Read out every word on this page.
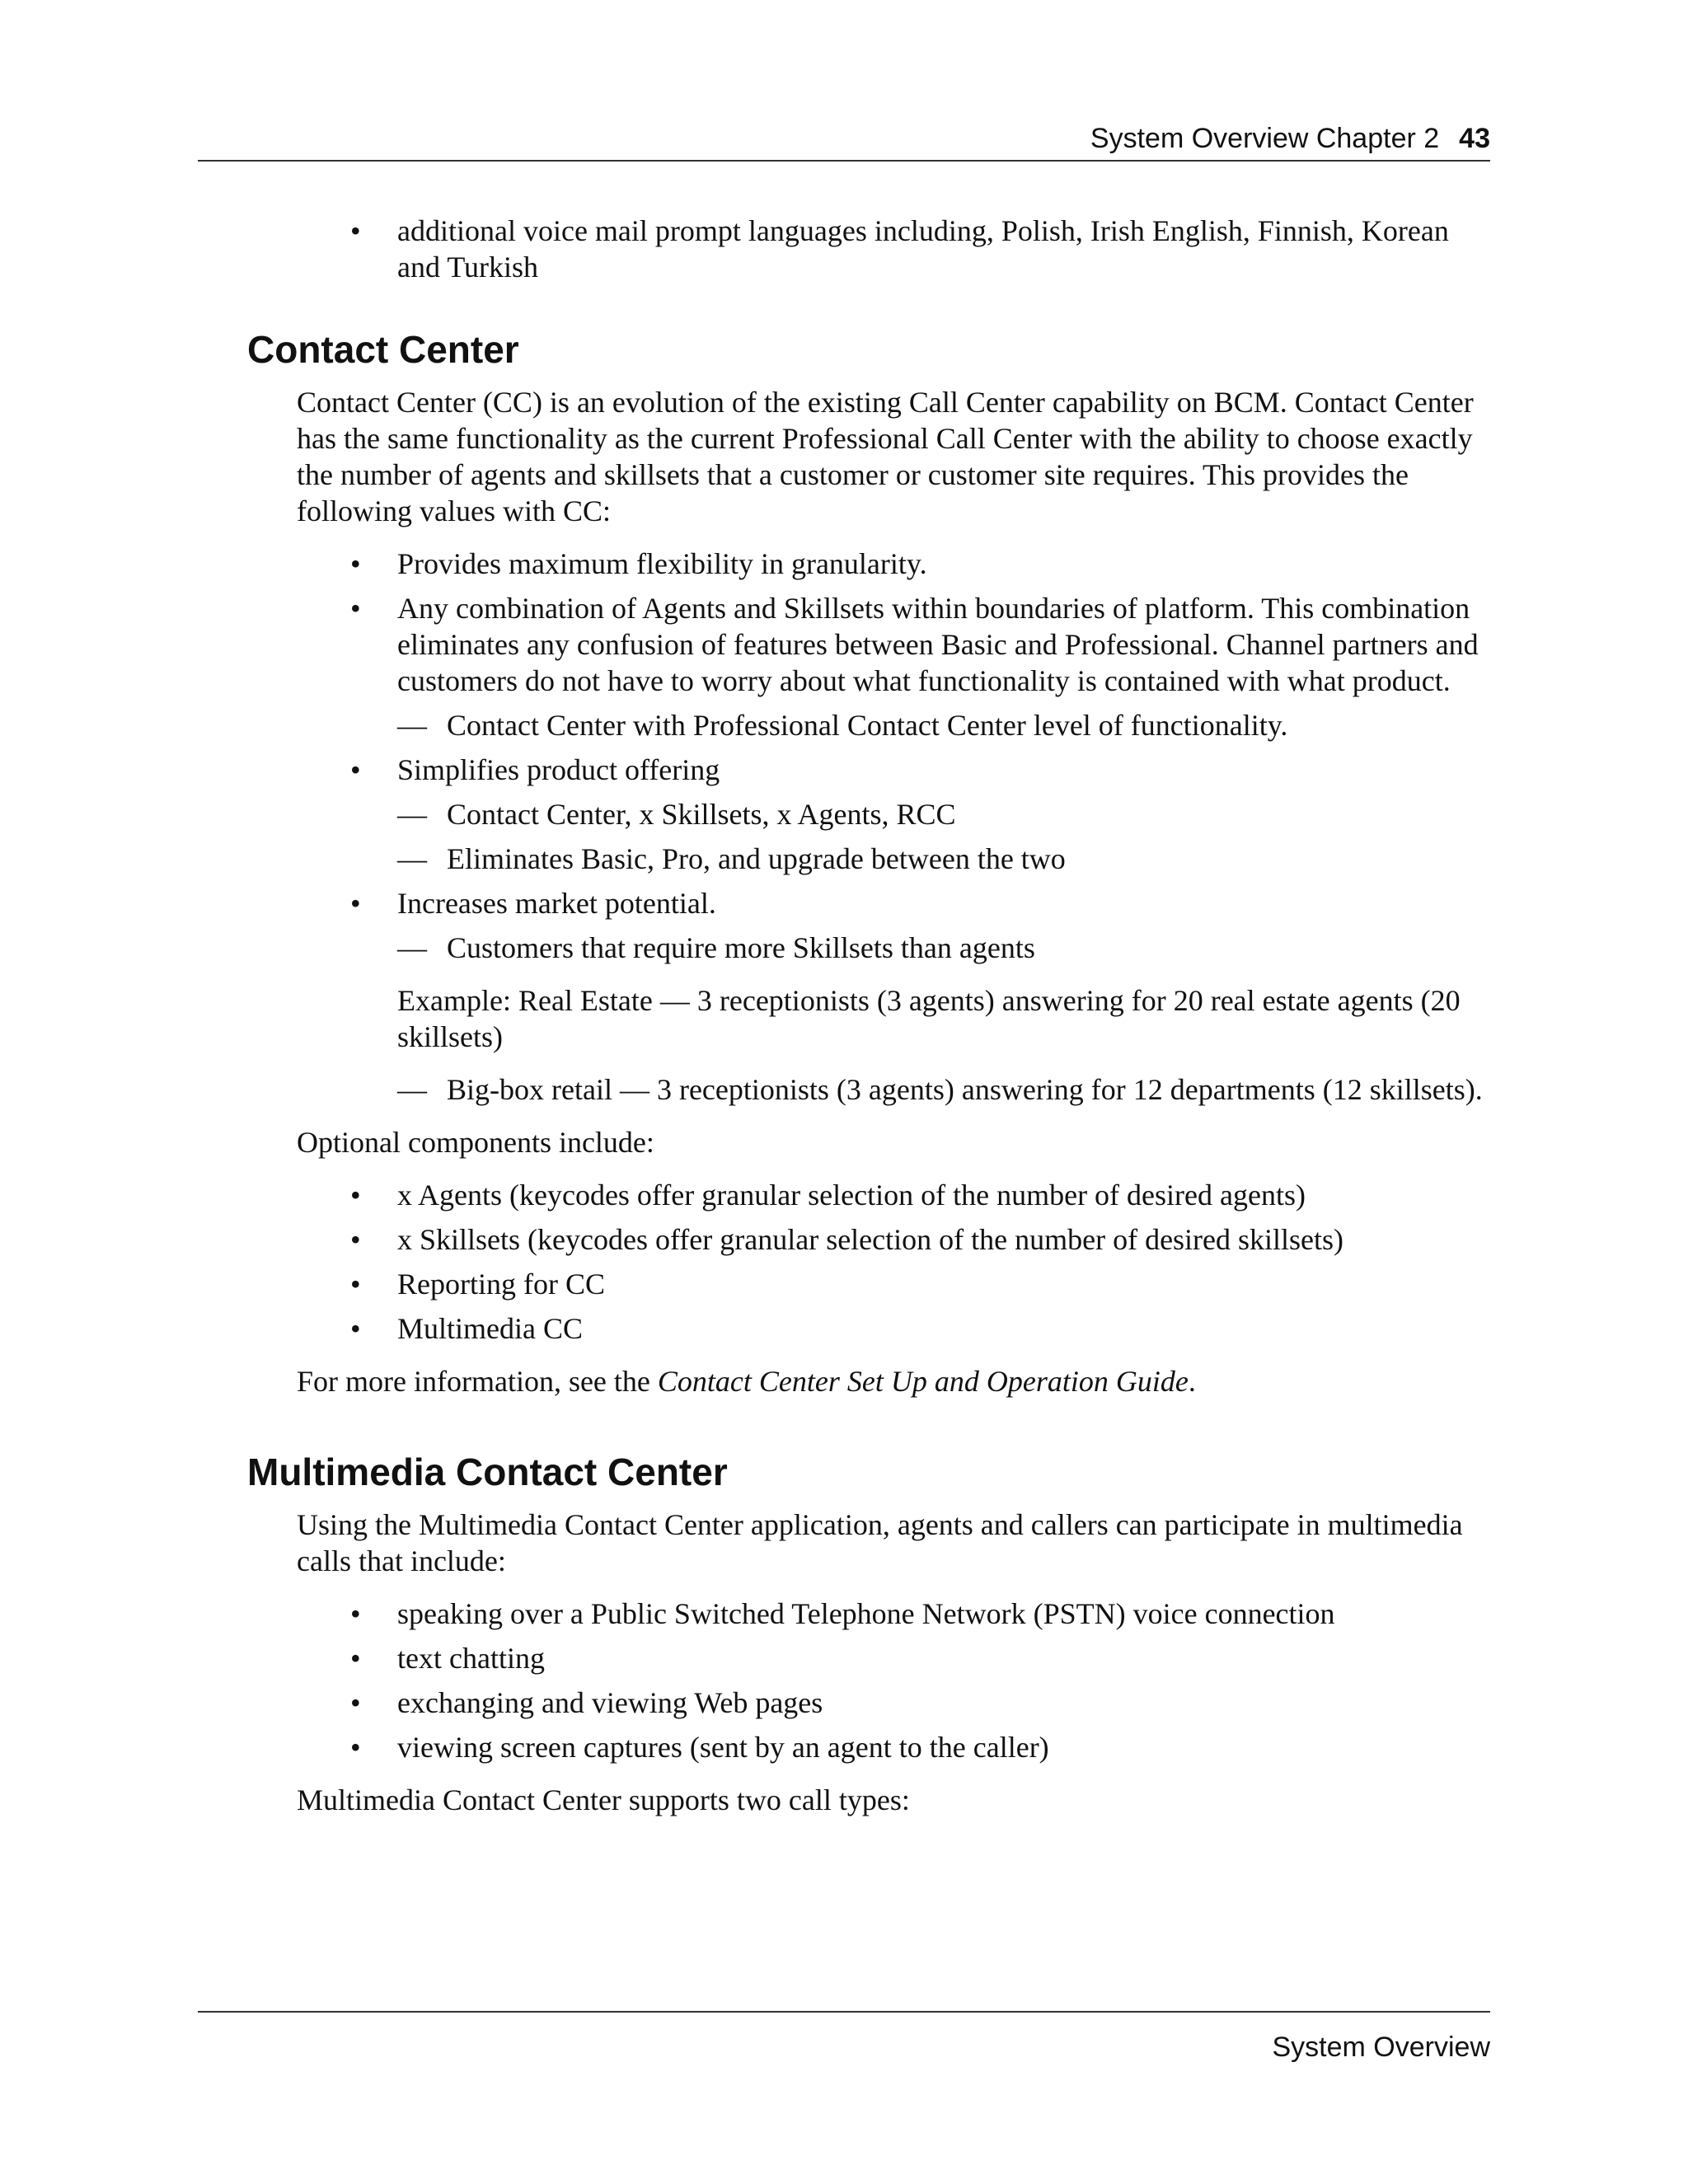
System Overview Chapter 2 43
• additional voice mail prompt languages including, Polish, Irish English, Finnish, Korean and Turkish
Contact Center

Contact Center (CC) is an evolution of the existing Call Center capability on BCM. Contact Center has the same functionality as the current Professional Call Center with the ability to choose exactly the number of agents and skillsets that a customer or customer site requires. This provides the following values with CC:

• Provides maximum flexibility in granularity.
• Any combination of Agents and Skillsets within boundaries of platform. This combination eliminates any confusion of features between Basic and Professional. Channel partners and customers do not have to worry about what functionality is contained with what product.
— Contact Center with Professional Contact Center level of functionality.
• Simplifies product offering
— Contact Center, x Skillsets, x Agents, RCC
— Eliminates Basic, Pro, and upgrade between the two
• Increases market potential.
— Customers that require more Skillsets than agents
Example: Real Estate — 3 receptionists (3 agents) answering for 20 real estate agents (20 skillsets)
— Big-box retail — 3 receptionists (3 agents) answering for 12 departments (12 skillsets).

Optional components include:

• x Agents (keycodes offer granular selection of the number of desired agents)
• x Skillsets (keycodes offer granular selection of the number of desired skillsets)
• Reporting for CC
• Multimedia CC

For more information, see the Contact Center Set Up and Operation Guide.

Multimedia Contact Center

Using the Multimedia Contact Center application, agents and callers can participate in multimedia calls that include:

• speaking over a Public Switched Telephone Network (PSTN) voice connection
• text chatting
• exchanging and viewing Web pages
• viewing screen captures (sent by an agent to the caller)

Multimedia Contact Center supports two call types:

System Overview
